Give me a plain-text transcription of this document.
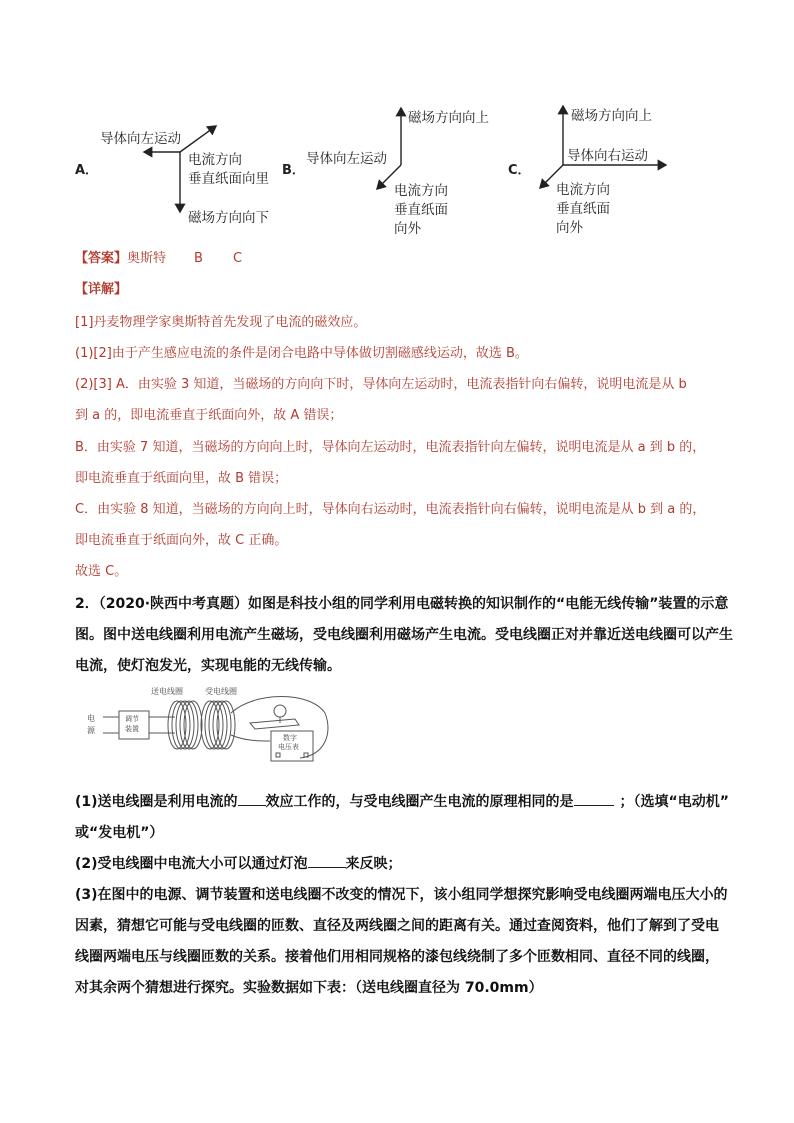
A．
导体向左运动
电流方向
垂直纸面向里
磁场方向向下
B．
磁场方向向上
导体向左运动
电流方向
垂直纸面
向外
C．
磁场方向向上
导体向右运动
电流方向
垂直纸面
向外
【答案】奥斯特 B C
【详解】
[1]丹麦物理学家奥斯特首先发现了电流的磁效应。
(1)[2]由于产生感应电流的条件是闭合电路中导体做切割磁感线运动，故选 B。
(2)[3] A．由实验 3 知道，当磁场的方向向下时，导体向左运动时，电流表指针向右偏转，说明电流是从 b
到 a 的，即电流垂直于纸面向外，故 A 错误；
B．由实验 7 知道，当磁场的方向向上时，导体向左运动时，电流表指针向左偏转，说明电流是从 a 到 b 的，
即电流垂直于纸面向里，故 B 错误；
C．由实验 8 知道，当磁场的方向向上时，导体向右运动时，电流表指针向右偏转，说明电流是从 b 到 a 的，
即电流垂直于纸面向外，故 C 正确。
故选 C。
2．（2020·陕西中考真题）如图是科技小组的同学利用电磁转换的知识制作的“电能无线传输”装置的示意
图。图中送电线圈利用电流产生磁场，受电线圈利用磁场产生电流。受电线圈正对并靠近送电线圈可以产生
电流，使灯泡发光，实现电能的无线传输。
电
源
调节
装置
送电线圈	受电线圈
数字
电压表
(1)送电线圈是利用电流的 效应工作的，与受电线圈产生电流的原理相同的是	；（选填“电动机”
或“发电机”）
(2)受电线圈中电流大小可以通过灯泡	来反映；
(3)在图中的电源、调节装置和送电线圈不改变的情况下，该小组同学想探究影响受电线圈两端电压大小的
因素，猜想它可能与受电线圈的匝数、直径及两线圈之间的距离有关。通过查阅资料，他们了解到了受电
线圈两端电压与线圈匝数的关系。接着他们用相同规格的漆包线绕制了多个匝数相同、直径不同的线圈，
对其余两个猜想进行探究。实验数据如下表：（送电线圈直径为 70.0mm）
